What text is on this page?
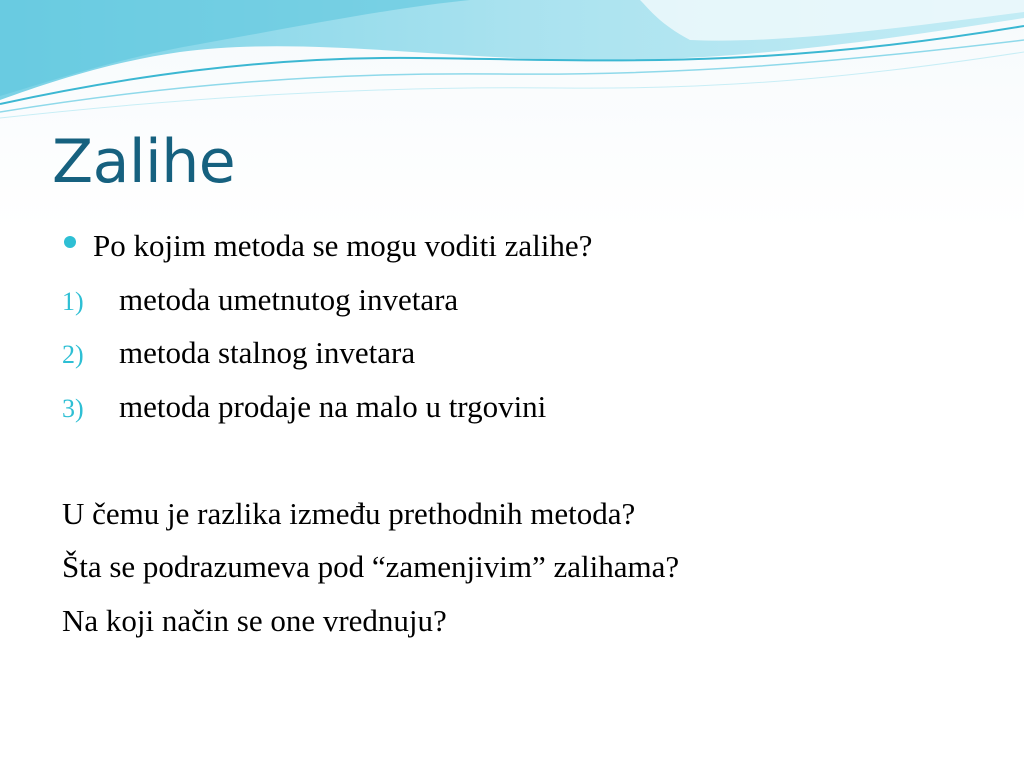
Zalihe
Po kojim metoda se mogu voditi zalihe?
1) metoda umetnutog invetara
2) metoda stalnog invetara
3) metoda prodaje na malo u trgovini
U čemu je razlika između prethodnih metoda?
Šta se podrazumeva pod “zamenjivim” zalihama?
Na koji način se one vrednuju?
